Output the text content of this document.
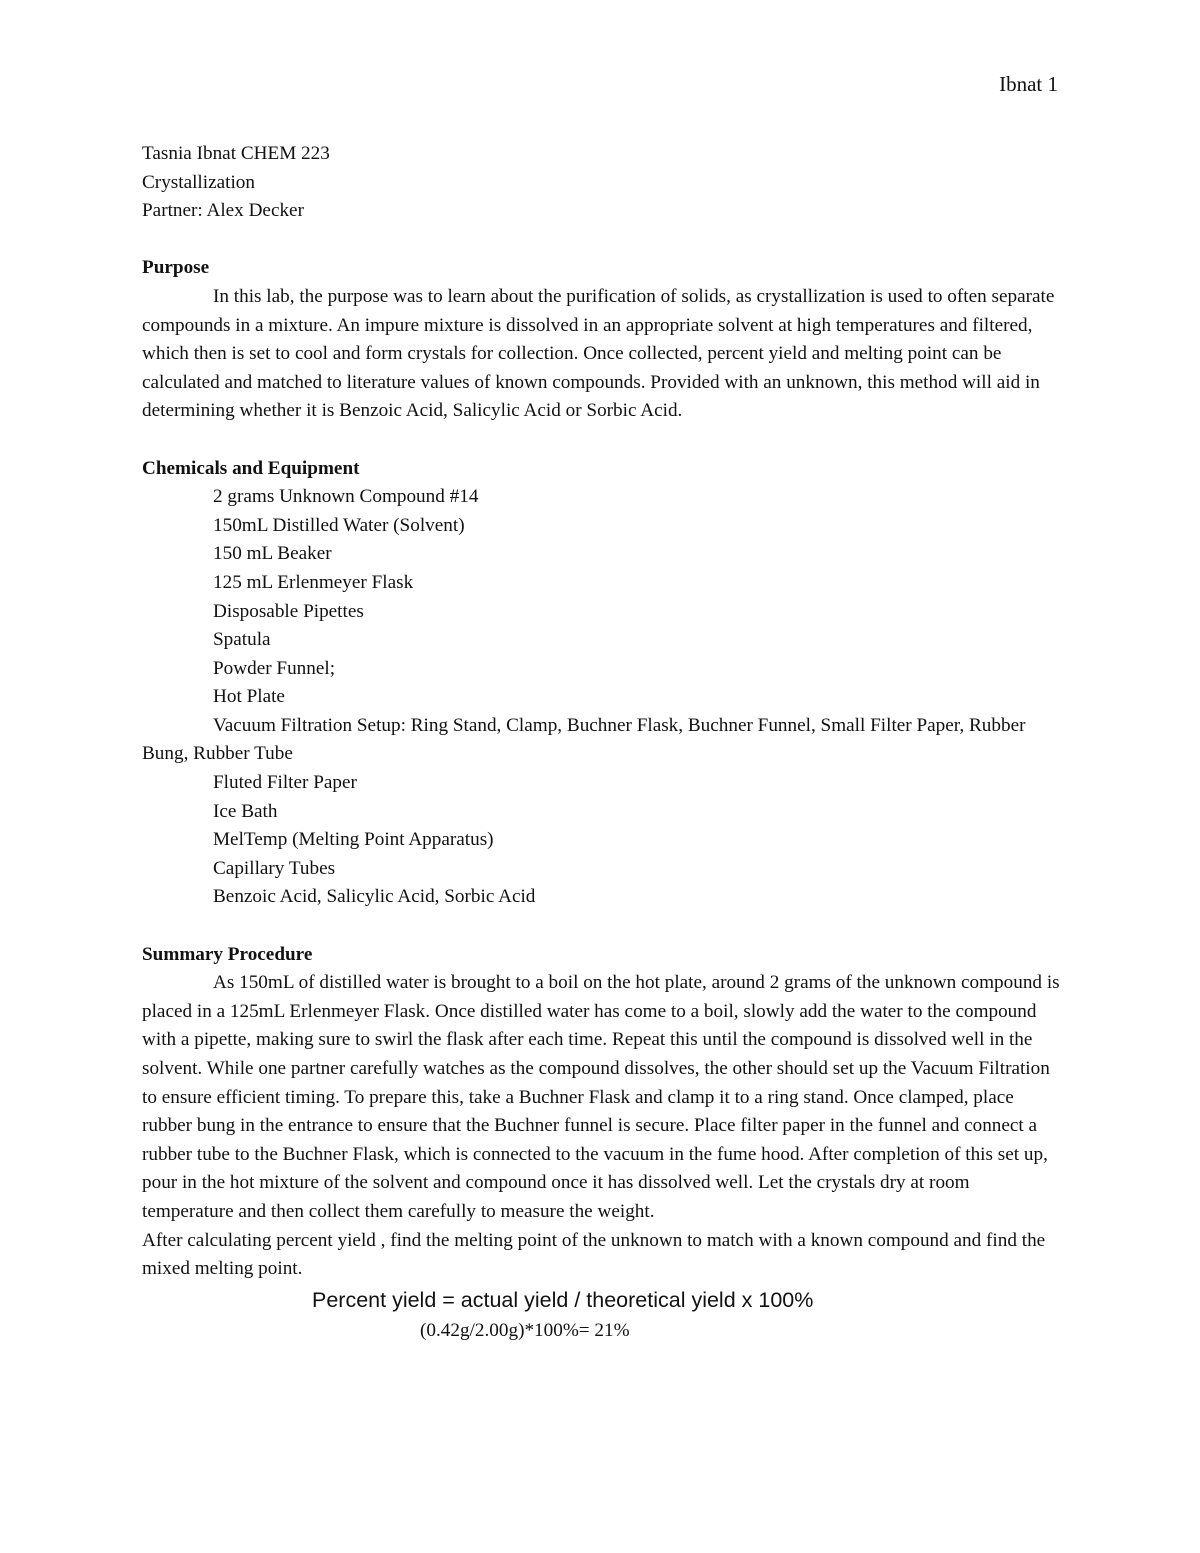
Ibnat 1
Tasnia Ibnat CHEM 223
Crystallization
Partner: Alex Decker
Purpose
In this lab, the purpose was to learn about the purification of solids, as crystallization is used to often separate compounds in a mixture. An impure mixture is dissolved in an appropriate solvent at high temperatures and filtered, which then is set to cool and form crystals for collection. Once collected, percent yield and melting point can be calculated and matched to literature values of known compounds. Provided with an unknown, this method will aid in determining whether it is Benzoic Acid, Salicylic Acid or Sorbic Acid.
Chemicals and Equipment
2 grams Unknown Compound #14
150mL Distilled Water (Solvent)
150 mL Beaker
125 mL Erlenmeyer Flask
Disposable Pipettes
Spatula
Powder Funnel;
Hot Plate
Vacuum Filtration Setup: Ring Stand, Clamp, Buchner Flask, Buchner Funnel, Small Filter Paper, Rubber Bung, Rubber Tube
Fluted Filter Paper
Ice Bath
MelTemp (Melting Point Apparatus)
Capillary Tubes
Benzoic Acid, Salicylic Acid, Sorbic Acid
Summary Procedure
As 150mL of distilled water is brought to a boil on the hot plate, around 2 grams of the unknown compound is placed in a 125mL Erlenmeyer Flask. Once distilled water has come to a boil, slowly add the water to the compound with a pipette, making sure to swirl the flask after each time. Repeat this until the compound is dissolved well in the solvent. While one partner carefully watches as the compound dissolves, the other should set up the Vacuum Filtration to ensure efficient timing. To prepare this, take a Buchner Flask and clamp it to a ring stand. Once clamped, place rubber bung in the entrance to ensure that the Buchner funnel is secure. Place filter paper in the funnel and connect a rubber tube to the Buchner Flask, which is connected to the vacuum in the fume hood. After completion of this set up, pour in the hot mixture of the solvent and compound once it has dissolved well. Let the crystals dry at room temperature and then collect them carefully to measure the weight.
After calculating percent yield , find the melting point of the unknown to match with a known compound and find the mixed melting point.
Percent yield = actual yield / theoretical yield x 100%
(0.42g/2.00g)*100%= 21%
